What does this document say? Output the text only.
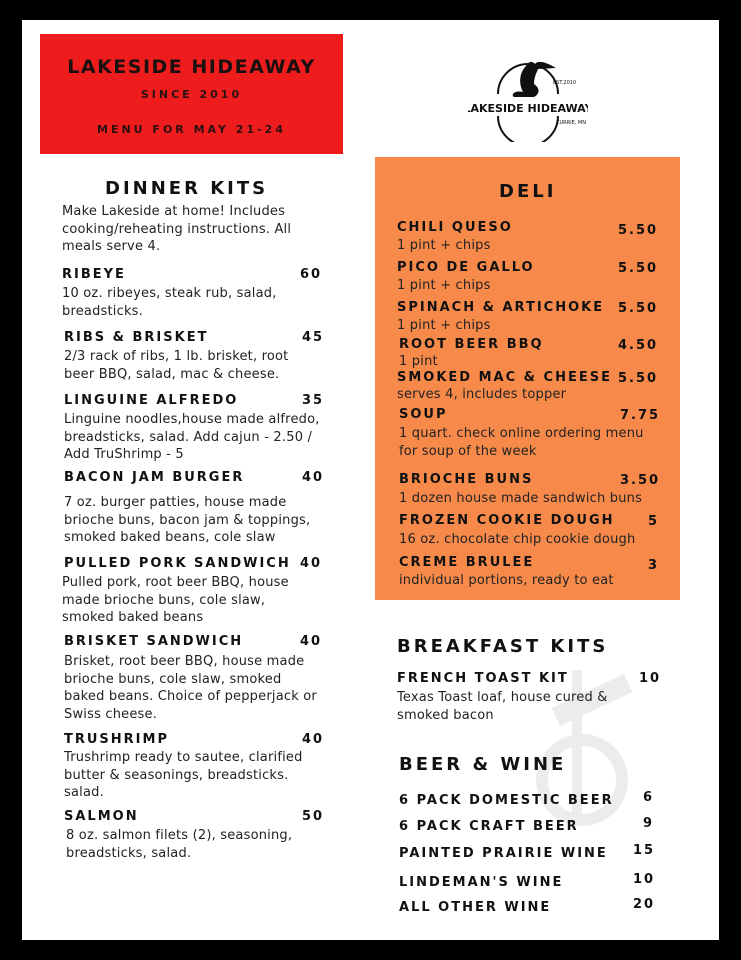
LAKESIDE HIDEAWAY
SINCE 2010
MENU FOR MAY 21-24
EST.2010
LAKESIDE HIDEAWAY
CURRIE, MN
DINNER KITS
Make Lakeside at home! Includes cooking/reheating instructions. All meals serve 4.
RIBEYE	60
10 oz. ribeyes, steak rub, salad, breadsticks.
RIBS & BRISKET	45
2/3 rack of ribs, 1 lb. brisket, root beer BBQ, salad, mac & cheese.
LINGUINE ALFREDO	35
Linguine noodles,house made alfredo, breadsticks, salad. Add cajun - 2.50 / Add TruShrimp - 5
BACON JAM BURGER	40
7 oz. burger patties, house made brioche buns, bacon jam & toppings, smoked baked beans, cole slaw
PULLED PORK SANDWICH 40
Pulled pork, root beer BBQ, house made brioche buns, cole slaw, smoked baked beans
BRISKET SANDWICH	40
Brisket, root beer BBQ, house made brioche buns, cole slaw, smoked baked beans. Choice of pepperjack or Swiss cheese.
TRUSHRIMP	40
Trushrimp ready to sautee, clarified butter & seasonings, breadsticks. salad.
SALMON	50
8 oz. salmon filets (2), seasoning, breadsticks, salad.
DELI
CHILI QUESO	5.50
1 pint + chips
PICO DE GALLO	5.50
1 pint + chips
SPINACH & ARTICHOKE 5.50
1 pint + chips
ROOT BEER BBQ	4.50
1 pint
SMOKED MAC & CHEESE 5.50
serves 4, includes topper
SOUP	7.75
1 quart. check online ordering menu for soup of the week
BRIOCHE BUNS	3.50
1 dozen house made sandwich buns
FROZEN COOKIE DOUGH	5
16 oz. chocolate chip cookie dough
CREME BRULEE	3
individual portions, ready to eat
BREAKFAST KITS
FRENCH TOAST KIT	10
Texas Toast loaf, house cured & smoked bacon
BEER & WINE
6 PACK DOMESTIC BEER 6
6 PACK CRAFT BEER	9
PAINTED PRAIRIE WINE 15
LINDEMAN'S WINE	10
ALL OTHER WINE	20
